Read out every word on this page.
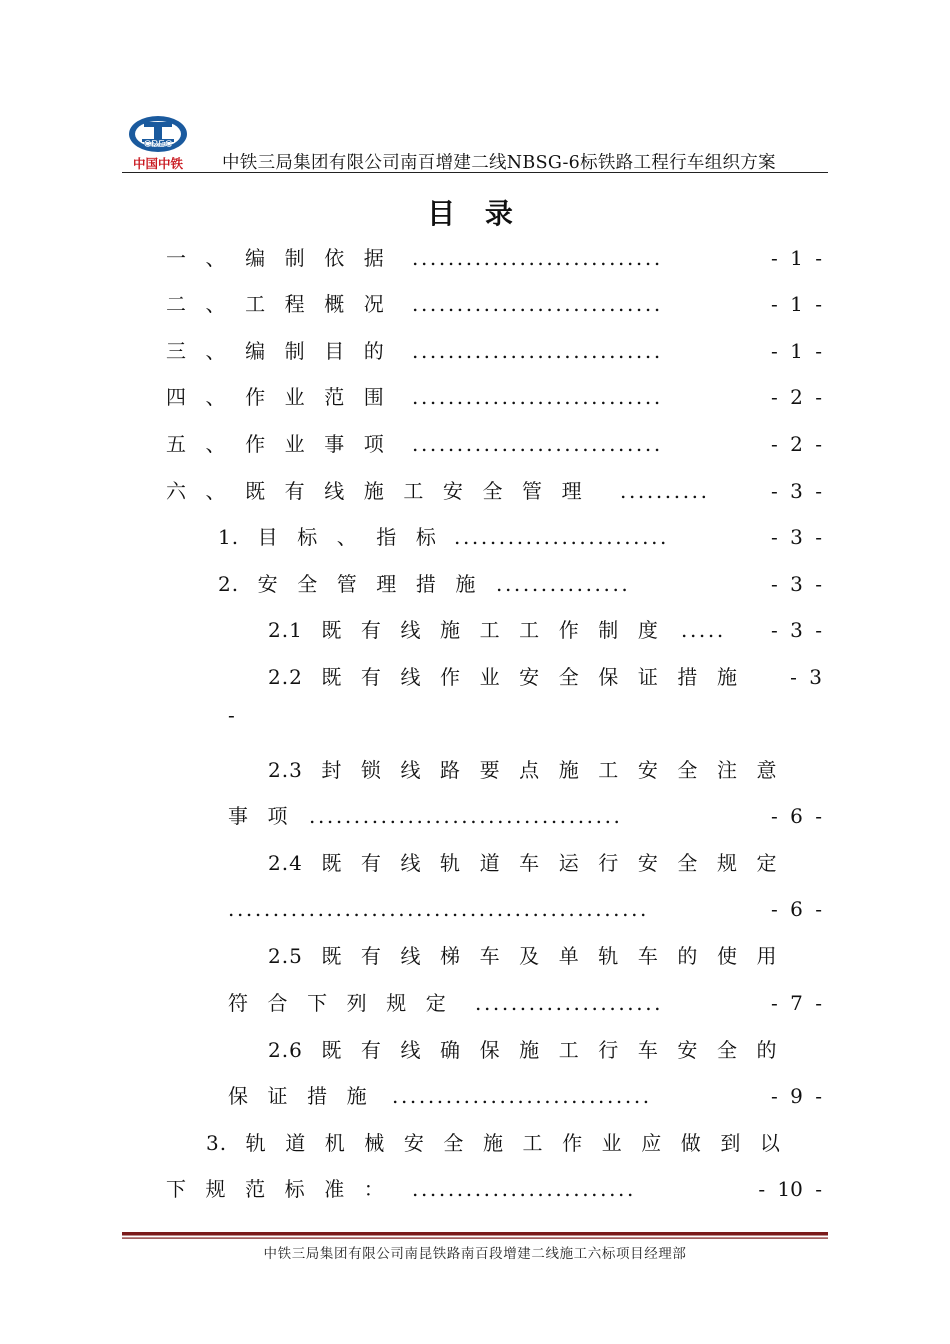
CREC
中国中铁 中铁三局集团有限公司南百增建二线NBSG-6标铁路工程行车组织方案
目 录
一 、 编 制 依 据 ............................	- 1 -
二 、 工 程 概 况 ............................	- 1 -
三 、 编 制 目 的 ............................	- 1 -
四 、 作 业 范 围 ............................	- 2 -
五 、 作 业 事 项 ............................	- 2 -
六 、 既 有 线 施 工 安 全 管 理 ..........	- 3 -
1. 目 标 、 指 标 ........................	- 3 -
2. 安 全 管 理 措 施 ...............	- 3 -
2.1 既 有 线 施 工 工 作 制 度 .....	- 3 -
2.2 既 有 线 作 业 安 全 保 证 措 施	- 3
-
2.3 封 锁 线 路 要 点 施 工 安 全 注 意
事 项 ...................................	- 6 -
2.4 既 有 线 轨 道 车 运 行 安 全 规 定
...............................................	- 6 -
2.5 既 有 线 梯 车 及 单 轨 车 的 使 用
符 合 下 列 规 定 .....................	- 7 -
2.6 既 有 线 确 保 施 工 行 车 安 全 的
保 证 措 施 .............................	- 9 -
3. 轨 道 机 械 安 全 施 工 作 业 应 做 到 以
下 规 范 标 准 ： .........................	- 10 -
中铁三局集团有限公司南昆铁路南百段增建二线施工六标项目经理部
